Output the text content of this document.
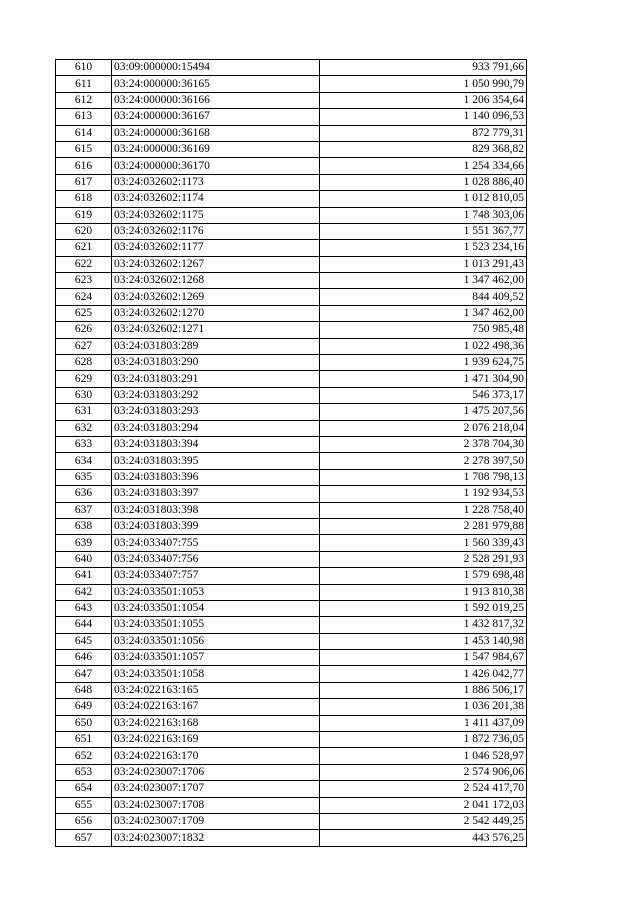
610	03:09:000000:15494	933 791,66
611	03:24:000000:36165	1 050 990,79
612	03:24:000000:36166	1 206 354,64
613	03:24:000000:36167	1 140 096,53
614	03:24:000000:36168	872 779,31
615	03:24:000000:36169	829 368,82
616	03:24:000000:36170	1 254 334,66
617	03:24:032602:1173	1 028 886,40
618	03:24:032602:1174	1 012 810,05
619	03:24:032602:1175	1 748 303,06
620	03:24:032602:1176	1 551 367,77
621	03:24:032602:1177	1 523 234,16
622	03:24:032602:1267	1 013 291,43
623	03:24:032602:1268	1 347 462,00
624	03:24:032602:1269	844 409,52
625	03:24:032602:1270	1 347 462,00
626	03:24:032602:1271	750 985,48
627	03:24:031803:289	1 022 498,36
628	03:24:031803:290	1 939 624,75
629	03:24:031803:291	1 471 304,90
630	03:24:031803:292	546 373,17
631	03:24:031803:293	1 475 207,56
632	03:24:031803:294	2 076 218,04
633	03:24:031803:394	2 378 704,30
634	03:24:031803:395	2 278 397,50
635	03:24:031803:396	1 708 798,13
636	03:24:031803:397	1 192 934,53
637	03:24:031803:398	1 228 758,40
638	03:24:031803:399	2 281 979,88
639	03:24:033407:755	1 560 339,43
640	03:24:033407:756	2 528 291,93
641	03:24:033407:757	1 579 698,48
642	03:24:033501:1053	1 913 810,38
643	03:24:033501:1054	1 592 019,25
644	03:24:033501:1055	1 432 817,32
645	03:24:033501:1056	1 453 140,98
646	03:24:033501:1057	1 547 984,67
647	03:24:033501:1058	1 426 042,77
648	03:24:022163:165	1 886 506,17
649	03:24:022163:167	1 036 201,38
650	03:24:022163:168	1 411 437,09
651	03:24:022163:169	1 872 736,05
652	03:24:022163:170	1 046 528,97
653	03:24:023007:1706	2 574 906,06
654	03:24:023007:1707	2 524 417,70
655	03:24:023007:1708	2 041 172,03
656	03:24:023007:1709	2 542 449,25
657	03:24:023007:1832	443 576,25
